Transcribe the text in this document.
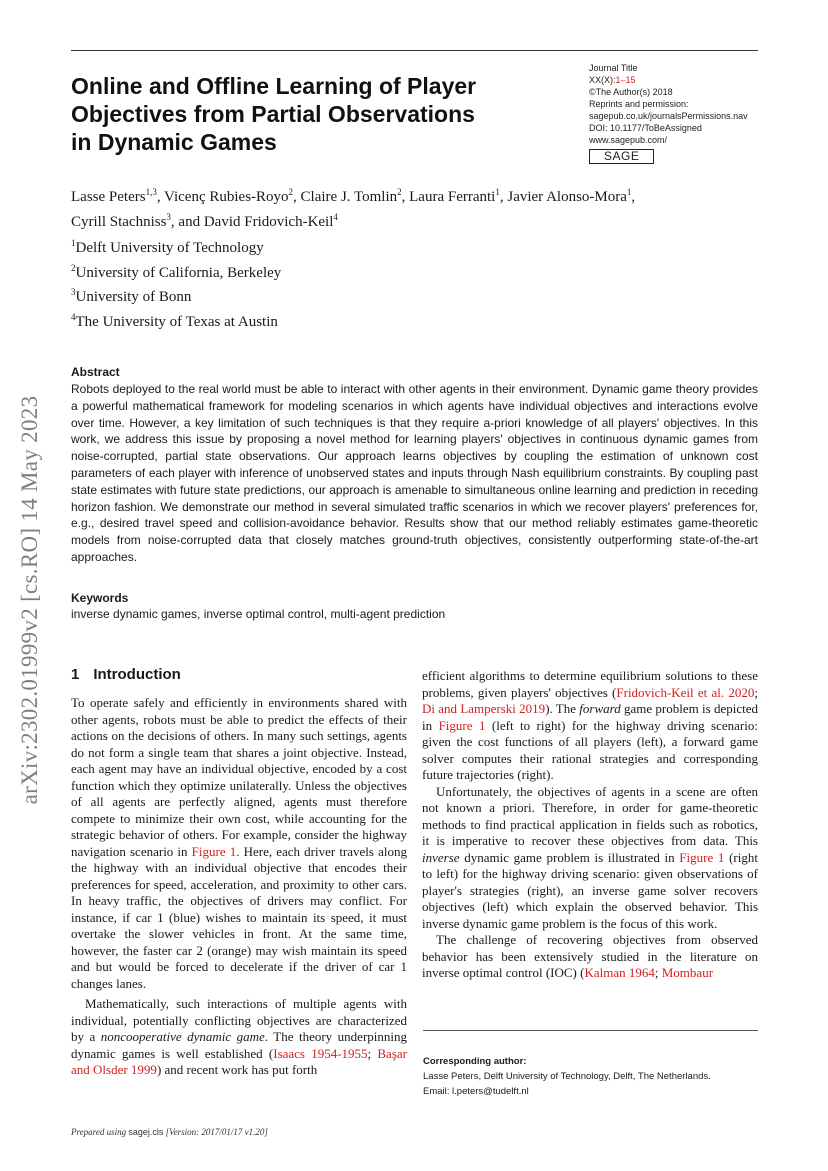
Online and Offline Learning of Player
Objectives from Partial Observations
in Dynamic Games
Journal Title
XX(X):1–15
©The Author(s) 2018
Reprints and permission:
sagepub.co.uk/journalsPermissions.nav
DOI: 10.1177/ToBeAssigned
www.sagepub.com/
SAGE
Lasse Peters$^{1,3}$, Vicenç Rubies-Royo$^2$, Claire J. Tomlin$^2$, Laura Ferranti$^1$, Javier Alonso-Mora$^1$,
Cyrill Stachniss$^3$, and David Fridovich-Keil$^4$
$^1$Delft University of Technology
$^2$University of California, Berkeley
$^3$University of Bonn
$^4$The University of Texas at Austin
arXiv:2302.01999v2 [cs.RO] 14 May 2023
Abstract
Robots deployed to the real world must be able to interact with other agents in their environment. Dynamic game theory provides a powerful mathematical framework for modeling scenarios in which agents have individual objectives and interactions evolve over time. However, a key limitation of such techniques is that they require a-priori knowledge of all players' objectives. In this work, we address this issue by proposing a novel method for learning players' objectives in continuous dynamic games from noise-corrupted, partial state observations. Our approach learns objectives by coupling the estimation of unknown cost parameters of each player with inference of unobserved states and inputs through Nash equilibrium constraints. By coupling past state estimates with future state predictions, our approach is amenable to simultaneous online learning and prediction in receding horizon fashion. We demonstrate our method in several simulated traffic scenarios in which we recover players' preferences for, e.g., desired travel speed and collision-avoidance behavior. Results show that our method reliably estimates game-theoretic models from noise-corrupted data that closely matches ground-truth objectives, consistently outperforming state-of-the-art approaches.
Keywords
inverse dynamic games, inverse optimal control, multi-agent prediction
1 Introduction

To operate safely and efficiently in environments shared with other agents, robots must be able to predict the effects of their actions on the decisions of others. In many such settings, agents do not form a single team that shares a joint objective. Instead, each agent may have an individual objective, encoded by a cost function which they optimize unilaterally. Unless the objectives of all agents are perfectly aligned, agents must therefore compete to minimize their own cost, while accounting for the strategic behavior of others. For example, consider the highway navigation scenario in Figure 1. Here, each driver travels along the highway with an individual objective that encodes their preferences for speed, acceleration, and proximity to other cars. In heavy traffic, the objectives of drivers may conflict. For instance, if car 1 (blue) wishes to maintain its speed, it must overtake the slower vehicles in front. At the same time, however, the faster car 2 (orange) may wish maintain its speed and but would be forced to decelerate if the driver of car 1 changes lanes.

Mathematically, such interactions of multiple agents with individual, potentially conflicting objectives are characterized by a noncooperative dynamic game. The theory underpinning dynamic games is well established (Isaacs 1954-1955; Başar and Olsder 1999) and recent work has put forth

efficient algorithms to determine equilibrium solutions to these problems, given players' objectives (Fridovich-Keil et al. 2020; Di and Lamperski 2019). The forward game problem is depicted in Figure 1 (left to right) for the highway driving scenario: given the cost functions of all players (left), a forward game solver computes their rational strategies and corresponding future trajectories (right).

Unfortunately, the objectives of agents in a scene are often not known a priori. Therefore, in order for game-theoretic methods to find practical application in fields such as robotics, it is imperative to recover these objectives from data. This inverse dynamic game problem is illustrated in Figure 1 (right to left) for the highway driving scenario: given observations of player's strategies (right), an inverse game solver recovers objectives (left) which explain the observed behavior. This inverse dynamic game problem is the focus of this work.

The challenge of recovering objectives from observed behavior has been extensively studied in the literature on inverse optimal control (IOC) (Kalman 1964; Mombaur

Corresponding author:
Lasse Peters, Delft University of Technology, Delft, The Netherlands.
Email: l.peters@tudelft.nl
Prepared using sagej.cls [Version: 2017/01/17 v1.20]
